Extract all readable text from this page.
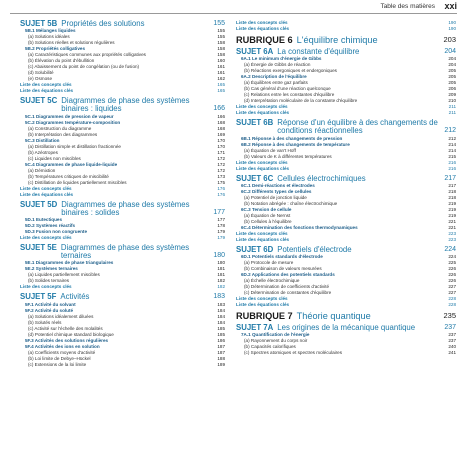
Table des matières xxi
SUJET 5B Propriétés des solutions	155
5B.1 Mélanges liquides	155
(a) Solutions idéales	155
(b) Solutions réelles et solutions régulières	158
5B.2 Propriétés colligatives	158
(a) Caractéristiques communes aux propriétés colligatives	158
(b) Élévation du point d'ébullition	160
(c) Abaissement du point de congélation (ou de fusion)	161
(d) Solubilité	161
(e) Osmose	162
Liste des concepts clés	165
Liste des équations clés	165
SUJET 5C Diagrammes de phase des systèmes binaires : liquides	166
5C.1 Diagrammes de pression de vapeur	166
5C.2 Diagrammes température-composition	168
(a) Construction du diagramme	168
(b) Interprétation des diagrammes	169
5C.3 Distillation	170
(a) Distillation simple et distillation fractionnée	170
(b) Azéotropes	171
(c) Liquides non miscibles	172
5C.4 Diagrammes de phase liquide-liquide	172
(a) Démixtion	172
(b) Températures critiques de miscibilité	173
(c) Distillation de liquides partiellement miscibles	175
Liste des concepts clés	176
Liste des équations clés	176
SUJET 5D Diagrammes de phase des systèmes binaires : solides	177
5D.1 Eutectiques	177
5D.2 Systèmes réactifs	178
5D.3 Fusion non congruente	179
Liste des concepts clés	179
SUJET 5E Diagrammes de phase des systèmes ternaires	180
5E.1 Diagrammes de phase triangulaires	180
5E.2 Systèmes ternaires	181
(a) Liquides partiellement miscibles	181
(b) Solides ternaires	182
Liste des concepts clés	182
SUJET 5F Activités	183
5F.1 Activité du solvant	183
5F.2 Activité du soluté	184
(a) Solutions idéalement diluées	184
(b) Solutés réels	184
(c) Activité sur l'échelle des molalités	185
(d) Potentiel chimique standard biologique	185
5F.3 Activités des solutions régulières	186
5F.4 Activités des ions en solution	187
(a) Coefficients moyens d'activité	187
(b) Loi limite de Debye–Hückel	188
(c) Extensions de la loi limite	189
Liste des concepts clés	190
Liste des équations clés	190
RUBRIQUE 6 L'équilibre chimique	203
SUJET 6A La constante d'équilibre	204
6A.1 Le minimum d'énergie de Gibbs	204
(a) Énergie de Gibbs de réaction	204
(b) Réactions exergoniques et endergoniques	205
6A.2 Description de l'équilibre	205
(a) Équilibres entre gaz parfaits	205
(b) Cas général d'une réaction quelconque	206
(c) Relations entre les constantes d'équilibre	209
(d) Interprétation moléculaire de la constante d'équilibre	210
Liste des concepts clés	211
Liste des équations clés	211
SUJET 6B Réponse d'un équilibre à des changements de conditions réactionnelles	212
6B.1 Réponse à des changements de pression	212
6B.2 Réponse à des changements de température	214
(a) Équation de van't Hoff	214
(b) Valeurs de K à différentes températures	215
Liste des concepts clés	216
Liste des équations clés	216
SUJET 6C Cellules électrochimiques	217
6C.1 Demi-réactions et électrodes	217
6C.2 Différents types de cellules	218
(a) Potentiel de jonction liquide	218
(b) Notation abrégée : chaîne électrochimique	219
6C.3 Tension de cellule	219
(a) Équation de Nernst	219
(b) Cellules à l'équilibre	221
6C.4 Détermination des fonctions thermodynamiques	221
Liste des concepts clés	223
Liste des équations clés	223
SUJET 6D Potentiels d'électrode	224
6D.1 Potentiels standards d'électrode	224
(a) Protocole de mesure	225
(b) Combinaison de valeurs mesurées	226
6D.2 Applications des potentiels standards	226
(a) Échelle électrochimique	226
(b) Détermination de coefficients d'activité	227
(c) Détermination de constantes d'équilibre	227
Liste des concepts clés	228
Liste des équations clés	228
RUBRIQUE 7 Théorie quantique	235
SUJET 7A Les origines de la mécanique quantique	237
7A.1 Quantification de l'énergie	237
(a) Rayonnement du corps noir	237
(b) Capacités calorifiques	240
(c) Spectres atomiques et spectres moléculaires	241
